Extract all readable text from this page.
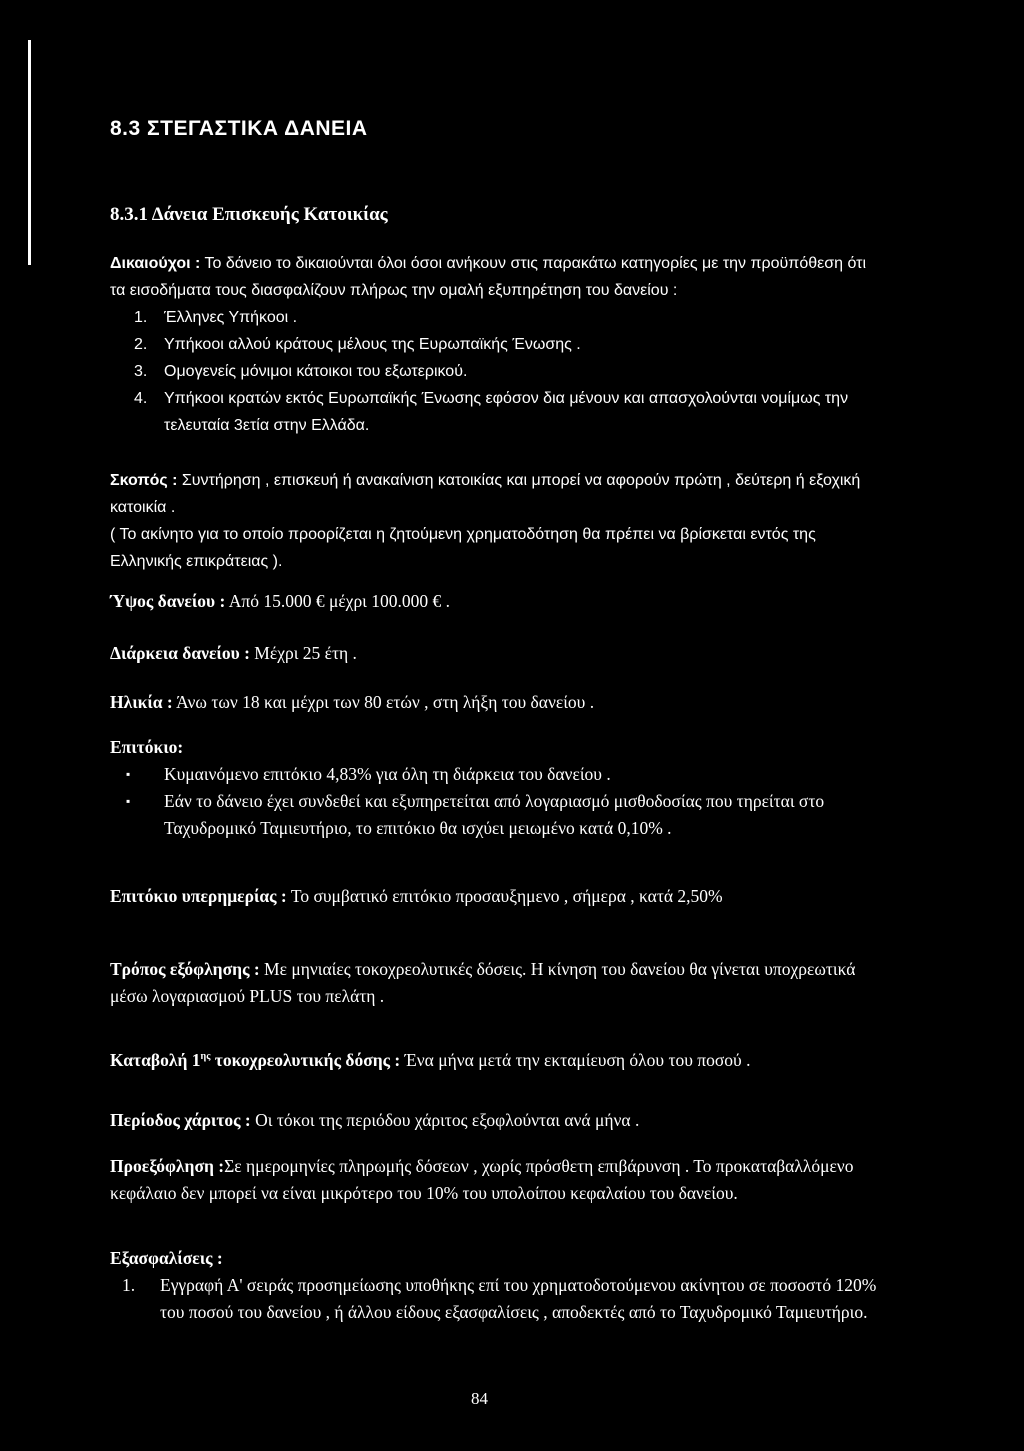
8.3 ΣΤΕΓΑΣΤΙΚΑ ΔΑΝΕΙΑ
8.3.1 Δάνεια Επισκευής Κατοικίας
Δικαιούχοι : Το δάνειο το δικαιούνται όλοι όσοι ανήκουν στις παρακάτω κατηγορίες με την προϋπόθεση ότι τα εισοδήματα τους διασφαλίζουν πλήρως την ομαλή εξυπηρέτηση του δανείου :
1. Έλληνες Υπήκοοι .
2. Υπήκοοι αλλού κράτους μέλους της Ευρωπαϊκής Ένωσης .
3. Ομογενείς μόνιμοι κάτοικοι του εξωτερικού.
4. Υπήκοοι κρατών εκτός Ευρωπαϊκής Ένωσης εφόσον δια μένουν και απασχολούνται νομίμως την τελευταία 3ετία στην Ελλάδα.
Σκοπός : Συντήρηση , επισκευή ή ανακαίνιση κατοικίας και μπορεί να αφορούν πρώτη , δεύτερη ή εξοχική κατοικία .
( Το ακίνητο για το οποίο προορίζεται η ζητούμενη χρηματοδότηση θα πρέπει να βρίσκεται εντός της Ελληνικής επικράτειας ).
Ύψος δανείου : Από 15.000 € μέχρι 100.000 € .
Διάρκεια δανείου : Μέχρι 25 έτη .
Ηλικία : Άνω των 18 και μέχρι των 80 ετών , στη λήξη του δανείου .
Επιτόκιο:
▪ Κυμαινόμενο επιτόκιο 4,83% για όλη τη διάρκεια του δανείου .
▪ Εάν το δάνειο έχει συνδεθεί και εξυπηρετείται από λογαριασμό μισθοδοσίας που τηρείται στο Ταχυδρομικό Ταμιευτήριο, το επιτόκιο θα ισχύει μειωμένο κατά 0,10% .
Επιτόκιο υπερημερίας : Το συμβατικό επιτόκιο προσαυξημενο , σήμερα , κατά 2,50%
Τρόπος εξόφλησης : Με μηνιαίες τοκοχρεολυτικές δόσεις. Η κίνηση του δανείου θα γίνεται υποχρεωτικά μέσω λογαριασμού PLUS του πελάτη .
Καταβολή $1^{\eta\varsigma}$ τοκοχρεολυτικής δόσης : Ένα μήνα μετά την εκταμίευση όλου του ποσού .
Περίοδος χάριτος : Οι τόκοι της περιόδου χάριτος εξοφλούνται ανά μήνα .
Προεξόφληση :Σε ημερομηνίες πληρωμής δόσεων , χωρίς πρόσθετη επιβάρυνση . Το προκαταβαλλόμενο κεφάλαιο δεν μπορεί να είναι μικρότερο του 10% του υπολοίπου κεφαλαίου του δανείου.
Εξασφαλίσεις :
1. Εγγραφή Α' σειράς προσημείωσης υποθήκης επί του χρηματοδοτούμενου ακίνητου σε ποσοστό 120% του ποσού του δανείου , ή άλλου είδους εξασφαλίσεις , αποδεκτές από το Ταχυδρομικό Ταμιευτήριο.
84
